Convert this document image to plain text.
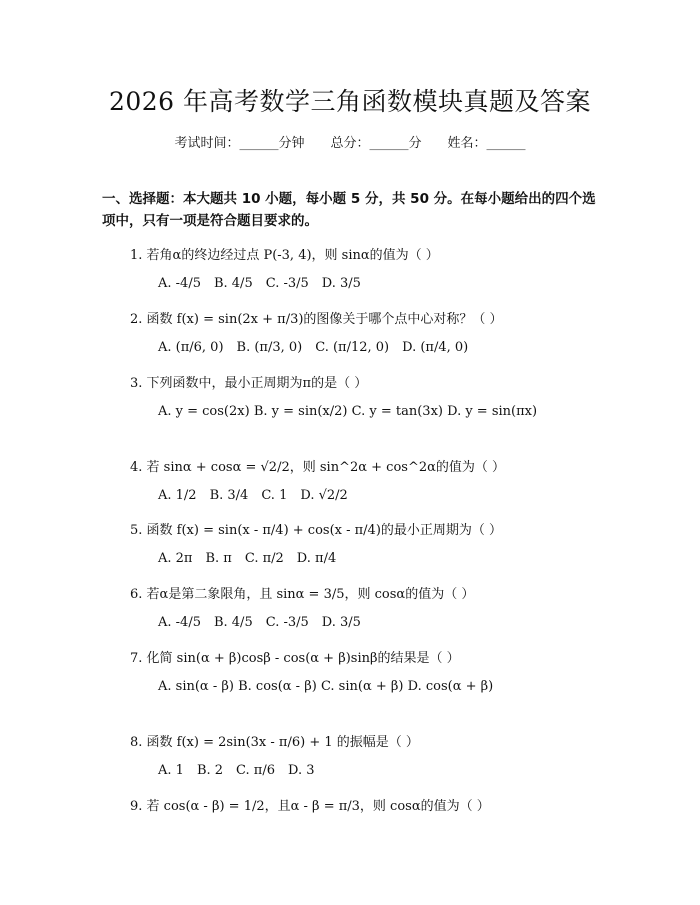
2026 年高考数学三角函数模块真题及答案
考试时间：______分钟 总分：______分 姓名：______
一、选择题：本大题共 10 小题，每小题 5 分，共 50 分。在每小题给出的四个选项中，只有一项是符合题目要求的。
1. 若角α的终边经过点 P(-3, 4)，则 sinα的值为（ ）
A. -4/5 B. 4/5 C. -3/5 D. 3/5
2. 函数 f(x) = sin(2x + π/3)的图像关于哪个点中心对称？（ ）
A. (π/6, 0) B. (π/3, 0) C. (π/12, 0) D. (π/4, 0)
3. 下列函数中，最小正周期为π的是（ ）
A. y = cos(2x) B. y = sin(x/2) C. y = tan(3x) D. y = sin(πx)
4. 若 sinα + cosα = √2/2，则 sin^2α + cos^2α的值为（ ）
A. 1/2 B. 3/4 C. 1 D. √2/2
5. 函数 f(x) = sin(x - π/4) + cos(x - π/4)的最小正周期为（ ）
A. 2π B. π C. π/2 D. π/4
6. 若α是第二象限角，且 sinα = 3/5，则 cosα的值为（ ）
A. -4/5 B. 4/5 C. -3/5 D. 3/5
7. 化简 sin(α + β)cosβ - cos(α + β)sinβ的结果是（ ）
A. sin(α - β) B. cos(α - β) C. sin(α + β) D. cos(α + β)
8. 函数 f(x) = 2sin(3x - π/6) + 1 的振幅是（ ）
A. 1 B. 2 C. π/6 D. 3
9. 若 cos(α - β) = 1/2，且α - β = π/3，则 cosα的值为（ ）
